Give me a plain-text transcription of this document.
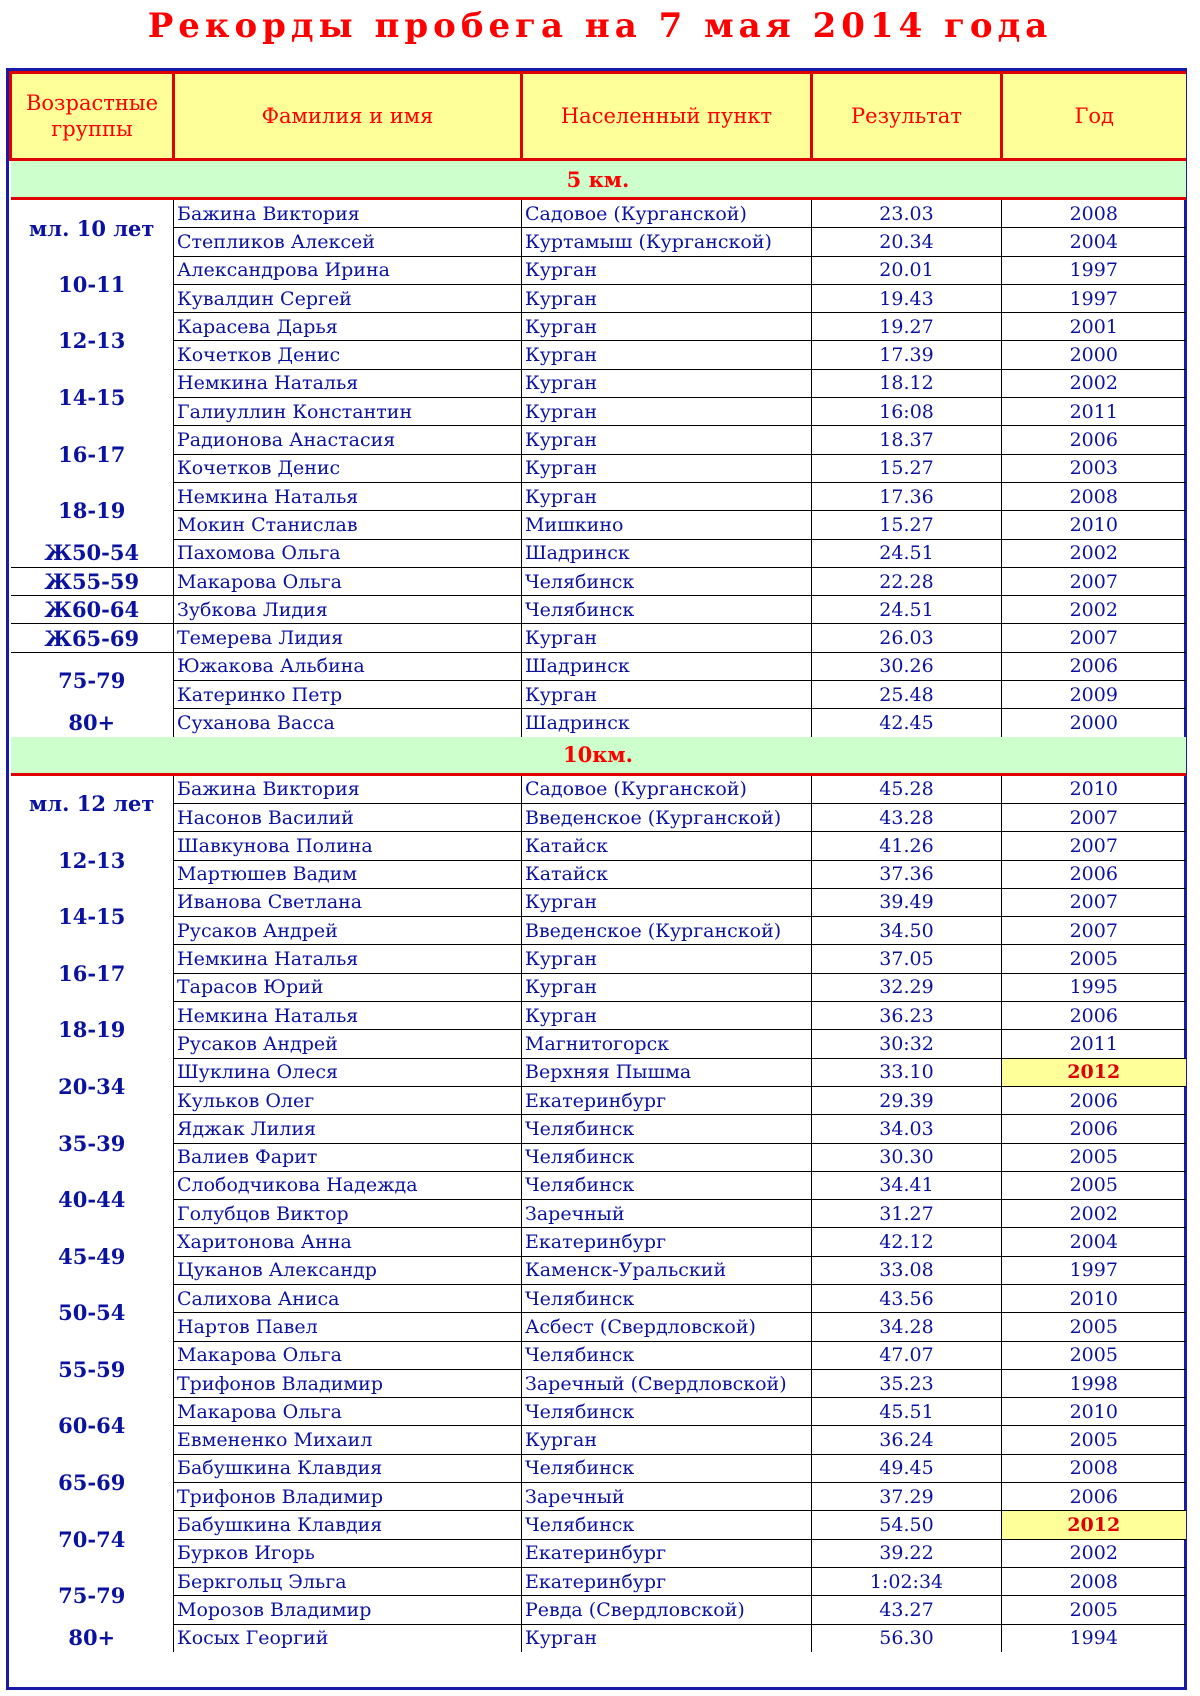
Рекорды пробега на 7 мая 2014 года
Возрастные группы	Фамилия и имя	Населенный пункт	Результат	Год
5 км.				
мл. 10 лет	Бажина Виктория	Садовое (Курганской)	23.03	2008
	Степликов Алексей	Куртамыш (Курганской)	20.34	2004
10-11	Александрова Ирина	Курган	20.01	1997
	Кувалдин Сергей	Курган	19.43	1997
12-13	Карасева Дарья	Курган	19.27	2001
	Кочетков Денис	Курган	17.39	2000
14-15	Немкина Наталья	Курган	18.12	2002
	Галиуллин Константин	Курган	16:08	2011
16-17	Радионова Анастасия	Курган	18.37	2006
	Кочетков Денис	Курган	15.27	2003
18-19	Немкина Наталья	Курган	17.36	2008
	Мокин Станислав	Мишкино	15.27	2010
Ж50-54	Пахомова Ольга	Шадринск	24.51	2002
Ж55-59	Макарова Ольга	Челябинск	22.28	2007
Ж60-64	Зубкова Лидия	Челябинск	24.51	2002
Ж65-69	Темерева Лидия	Курган	26.03	2007
75-79	Южакова Альбина	Шадринск	30.26	2006
	Катеринко Петр	Курган	25.48	2009
80+	Суханова Васса	Шадринск	42.45	2000
10км.				
мл. 12 лет	Бажина Виктория	Садовое (Курганской)	45.28	2010
	Насонов Василий	Введенское (Курганской)	43.28	2007
12-13	Шавкунова Полина	Катайск	41.26	2007
	Мартюшев Вадим	Катайск	37.36	2006
14-15	Иванова Светлана	Курган	39.49	2007
	Русаков Андрей	Введенское (Курганской)	34.50	2007
16-17	Немкина Наталья	Курган	37.05	2005
	Тарасов Юрий	Курган	32.29	1995
18-19	Немкина Наталья	Курган	36.23	2006
	Русаков Андрей	Магнитогорск	30:32	2011
20-34	Шуклина Олеся	Верхняя Пышма	33.10	2012
	Кульков Олег	Екатеринбург	29.39	2006
35-39	Яджак Лилия	Челябинск	34.03	2006
	Валиев Фарит	Челябинск	30.30	2005
40-44	Слободчикова Надежда	Челябинск	34.41	2005
	Голубцов Виктор	Заречный	31.27	2002
45-49	Харитонова Анна	Екатеринбург	42.12	2004
	Цуканов Александр	Каменск-Уральский	33.08	1997
50-54	Салихова Аниса	Челябинск	43.56	2010
	Нартов Павел	Асбест (Свердловской)	34.28	2005
55-59	Макарова Ольга	Челябинск	47.07	2005
	Трифонов Владимир	Заречный (Свердловской)	35.23	1998
60-64	Макарова Ольга	Челябинск	45.51	2010
	Евмененко Михаил	Курган	36.24	2005
65-69	Бабушкина Клавдия	Челябинск	49.45	2008
	Трифонов Владимир	Заречный	37.29	2006
70-74	Бабушкина Клавдия	Челябинск	54.50	2012
	Бурков Игорь	Екатеринбург	39.22	2002
75-79	Беркгольц Эльга	Екатеринбург	1:02:34	2008
	Морозов Владимир	Ревда (Свердловской)	43.27	2005
80+	Косых Георгий	Курган	56.30	1994
